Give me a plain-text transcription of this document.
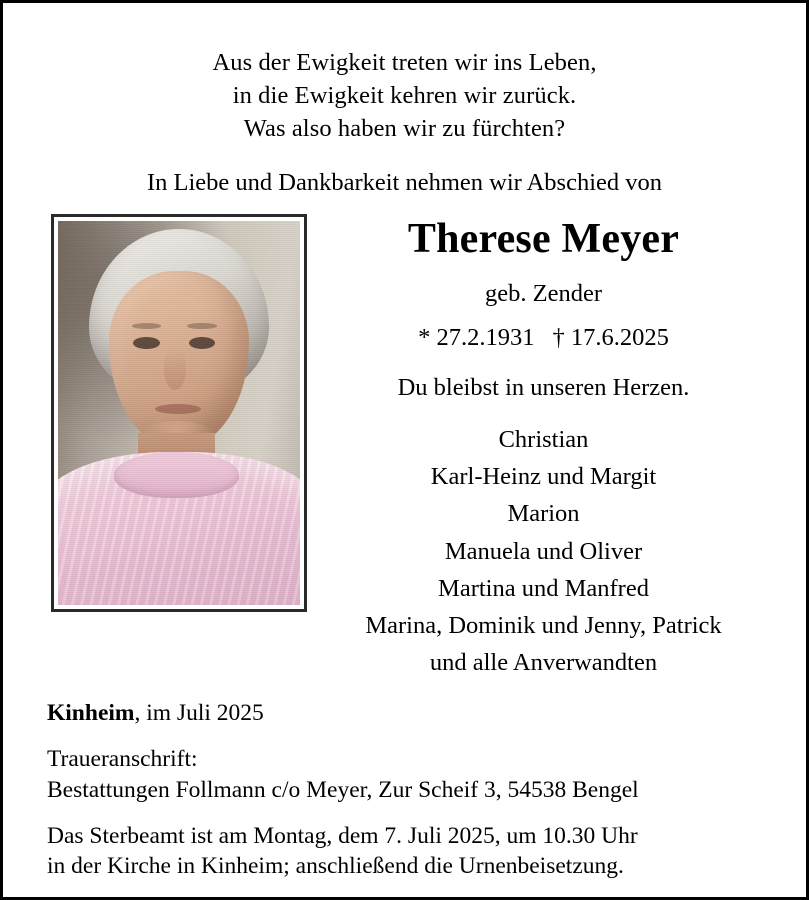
Aus der Ewigkeit treten wir ins Leben,
in die Ewigkeit kehren wir zurück.
Was also haben wir zu fürchten?
In Liebe und Dankbarkeit nehmen wir Abschied von
Therese Meyer
geb. Zender
* 27.2.1931 † 17.6.2025
Du bleibst in unseren Herzen.
Christian
Karl-Heinz und Margit
Marion
Manuela und Oliver
Martina und Manfred
Marina, Dominik und Jenny, Patrick
und alle Anverwandten
Kinheim, im Juli 2025
Traueranschrift:
Bestattungen Follmann c/o Meyer, Zur Scheif 3, 54538 Bengel
Das Sterbeamt ist am Montag, dem 7. Juli 2025, um 10.30 Uhr
in der Kirche in Kinheim; anschließend die Urnenbeisetzung.
